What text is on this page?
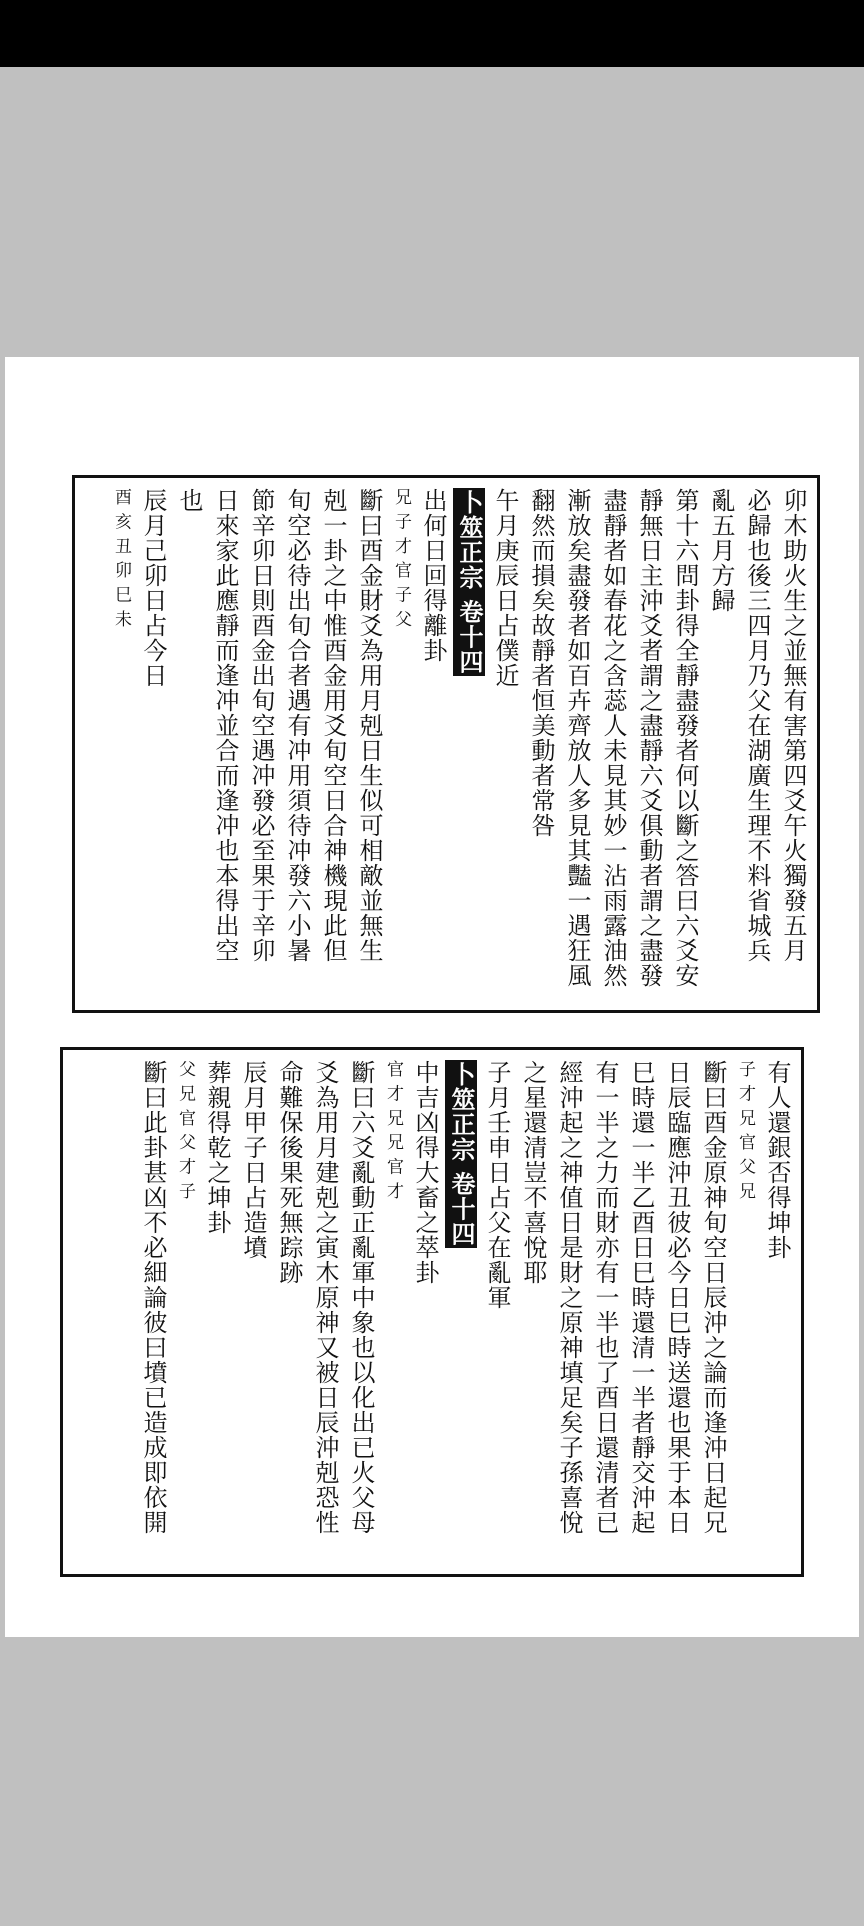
卯木助火生之並無有害第四爻午火獨發五月
必歸也後三四月乃父在湖廣生理不料省城兵
亂五月方歸
第十六問卦得全靜盡發者何以斷之答曰六爻安
靜無日主沖爻者謂之盡靜六爻俱動者謂之盡發
盡靜者如春花之含蕊人未見其妙一沾雨露油然
漸放矣盡發者如百卉齊放人多見其豔一遇狂風
翻然而損矣故靜者恒美動者常咎
午月庚辰日占僕近
卜筮正宗 卷十四
出何日回得離卦
兄 子 才 官 子 父
斷曰酉金財爻為用月剋日生似可相敵並無生
剋一卦之中惟酉金用爻旬空日合神機現此但
旬空必待出旬合者遇有冲用須待冲發六小暑
節辛卯日則酉金出旬空遇冲發必至果于辛卯
日來家此應靜而逢冲並合而逢冲也本得出空
也
辰月己卯日占今日
酉 亥 丑 卯 巳 未
有人還銀否得坤卦
子 才 兄 官 父 兄
斷曰酉金原神旬空日辰沖之論而逢沖日起兄
日辰臨應沖丑彼必今日巳時送還也果于本日
巳時還一半乙酉日巳時還清一半者靜交沖起
有一半之力而財亦有一半也了酉日還清者已
經沖起之神值日是財之原神填足矣子孫喜悅
之星還清豈不喜悅耶
子月壬申日占父在亂軍
卜筮正宗 卷十四
中吉凶得大畜之萃卦
官 才 兄 兄 官 才
斷曰六爻亂動正亂軍中象也以化出已火父母
爻為用月建剋之寅木原神又被日辰沖剋恐性
命難保後果死無踪跡
辰月甲子日占造墳
葬親得乾之坤卦
父 兄 官 父 才 子
斷曰此卦甚凶不必細論彼曰墳已造成即依開
